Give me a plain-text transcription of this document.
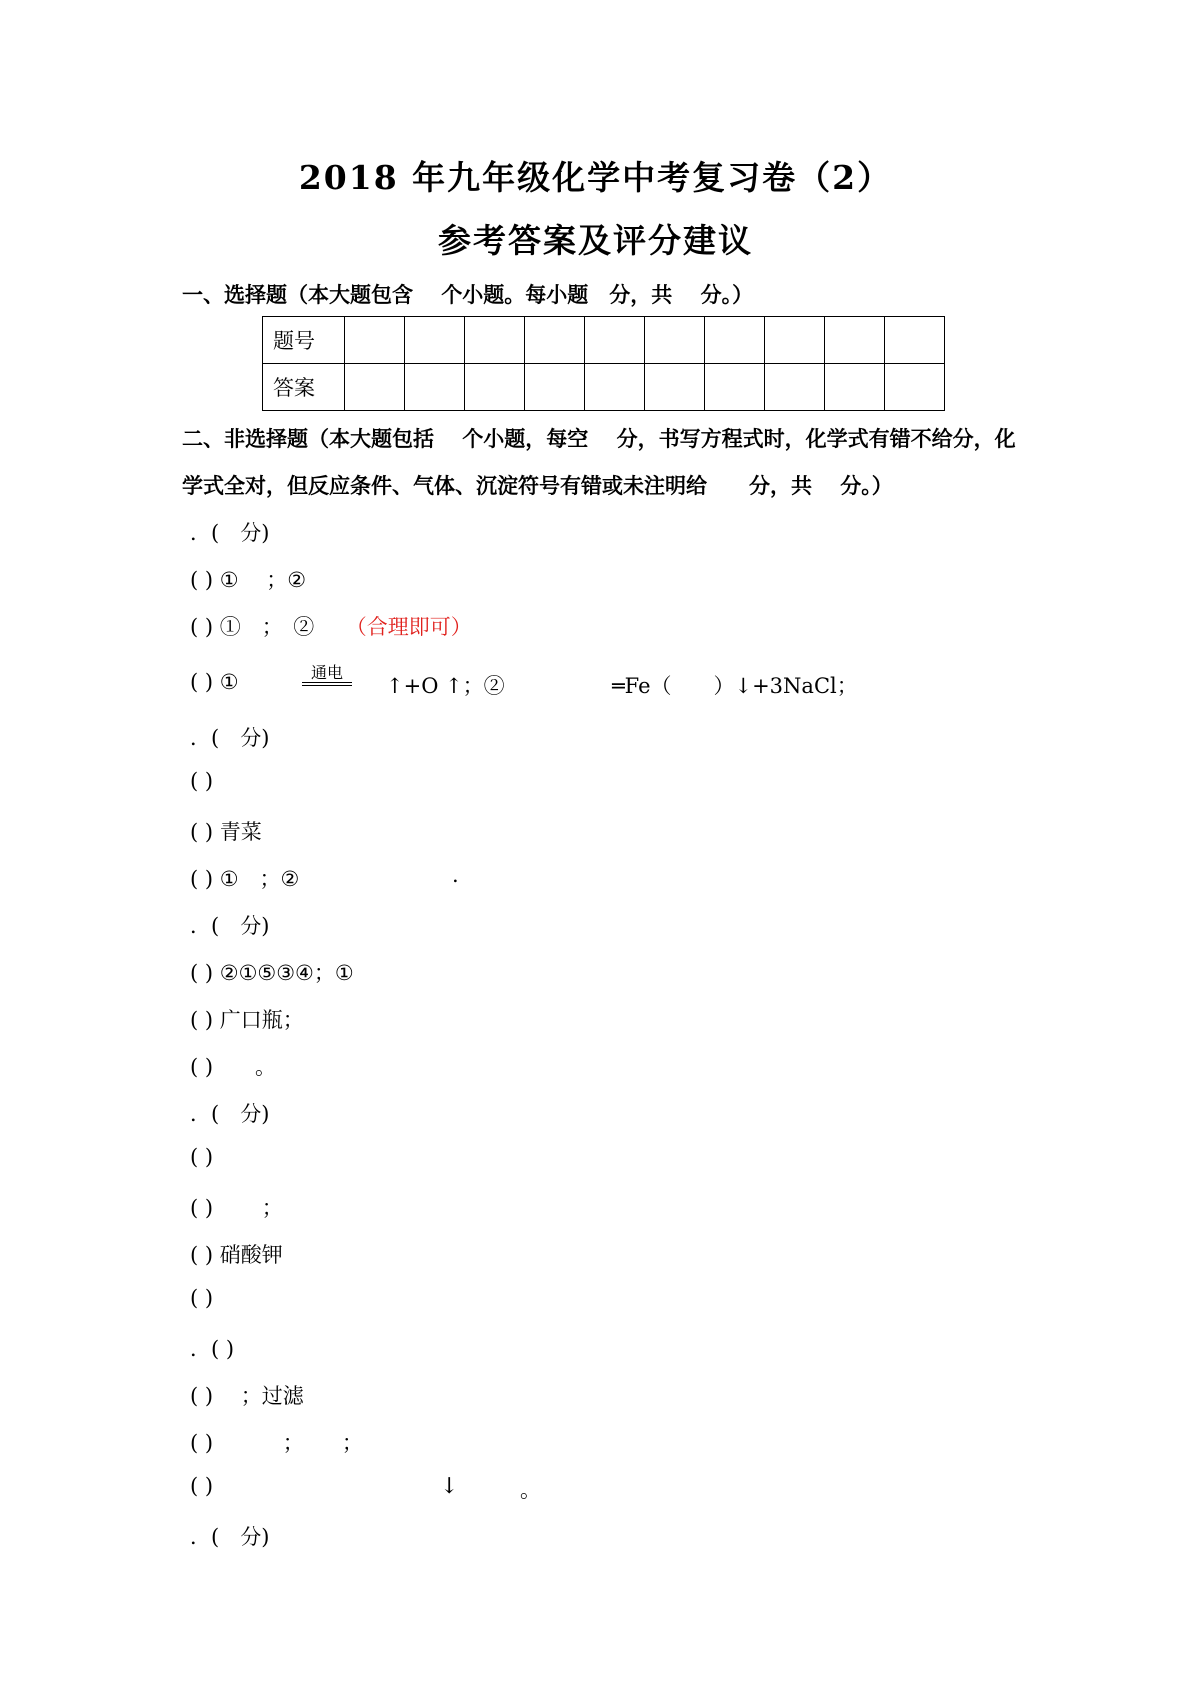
2018 年九年级化学中考复习卷（2）
参考答案及评分建议
一、选择题（本大题包含　 个小题。每小题　分，共　 分。）
题号										
答案										
二、非选择题（本大题包括　 个小题，每空　 分，书写方程式时，化学式有错不给分，化
学式全对，但反应条件、气体、沉淀符号有错或未注明给　　分，共　 分。）
．(　分)
( ) ①　 ；②
( ) ①　；　②　　（合理即可）
( ) ①	通电
↑+O ↑；②	═Fe（　　）↓+3NaCl；
．(　分)
( )
( ) 青菜
( ) ①　；②	.
．(　分)
( ) ②①⑤③④；①
( ) 广口瓶；
( )　　。
．(　分)
( )
( )　　 ；
( ) 硝酸钾
( )
．( )
( )　 ；过滤
( )　　　 ；　　 ；
( )	↓	。
．(　分)
